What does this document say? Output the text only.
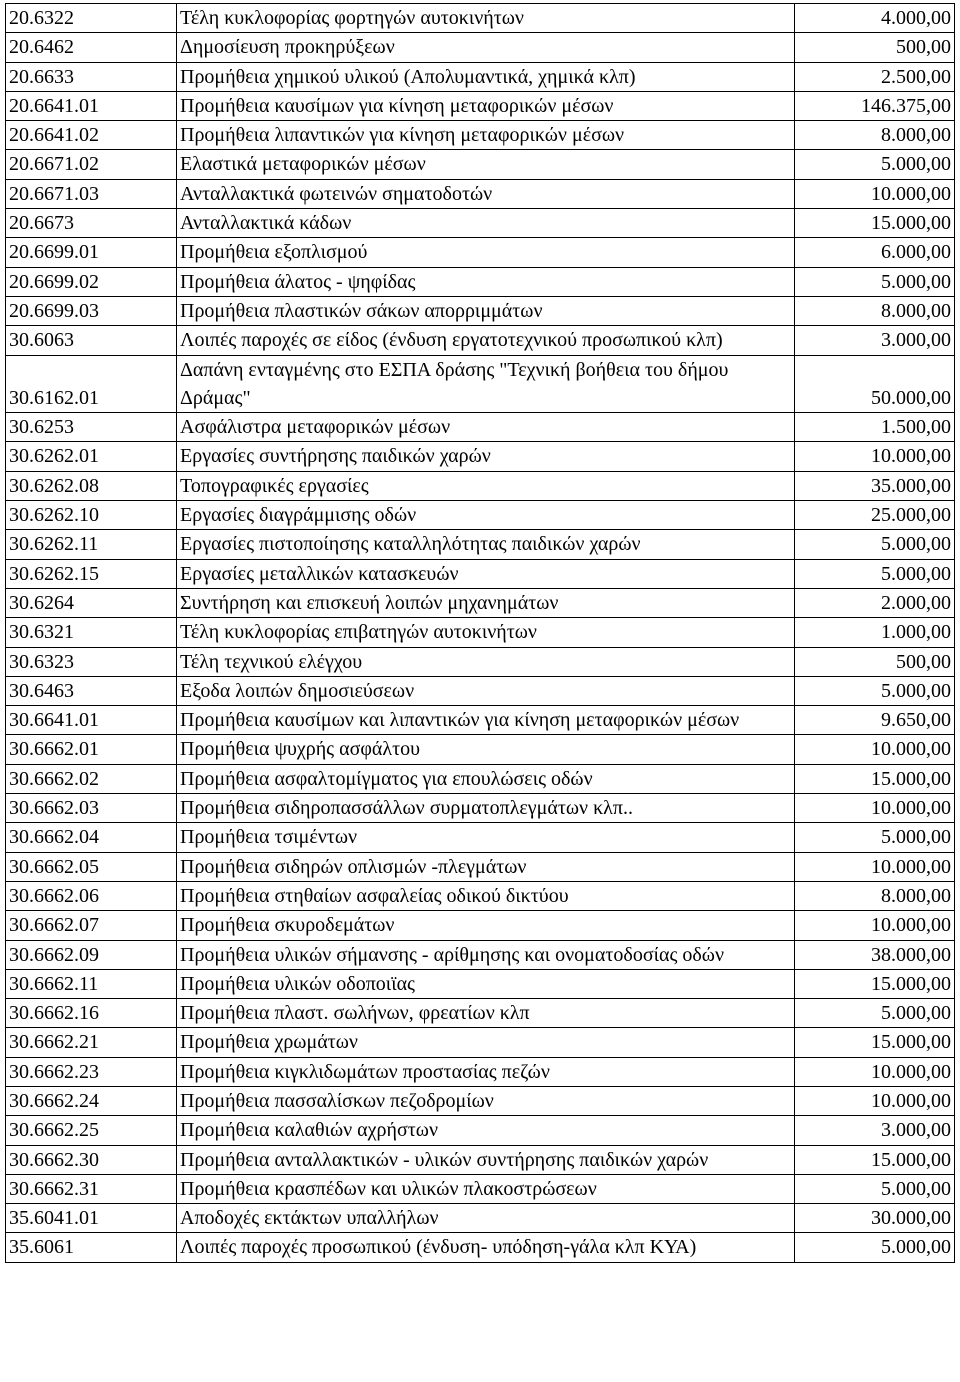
20.6322	Τέλη κυκλοφορίας φορτηγών αυτοκινήτων	4.000,00
20.6462	Δημοσίευση προκηρύξεων	500,00
20.6633	Προμήθεια χημικού υλικού (Απολυμαντικά, χημικά κλπ)	2.500,00
20.6641.01	Προμήθεια καυσίμων για κίνηση μεταφορικών μέσων	146.375,00
20.6641.02	Προμήθεια λιπαντικών για κίνηση μεταφορικών μέσων	8.000,00
20.6671.02	Ελαστικά μεταφορικών μέσων	5.000,00
20.6671.03	Ανταλλακτικά φωτεινών σηματοδοτών	10.000,00
20.6673	Ανταλλακτικά κάδων	15.000,00
20.6699.01	Προμήθεια εξοπλισμού	6.000,00
20.6699.02	Προμήθεια άλατος - ψηφίδας	5.000,00
20.6699.03	Προμήθεια πλαστικών σάκων απορριμμάτων	8.000,00
30.6063	Λοιπές παροχές σε είδος (ένδυση εργατοτεχνικού προσωπικού κλπ)	3.000,00
30.6162.01	Δαπάνη ενταγμένης στο ΕΣΠΑ δράσης "Τεχνική βοήθεια του δήμου Δράμας"	50.000,00
30.6253	Ασφάλιστρα μεταφορικών μέσων	1.500,00
30.6262.01	Εργασίες συντήρησης παιδικών χαρών	10.000,00
30.6262.08	Τοπογραφικές εργασίες	35.000,00
30.6262.10	Εργασίες διαγράμμισης οδών	25.000,00
30.6262.11	Εργασίες πιστοποίησης καταλληλότητας παιδικών χαρών	5.000,00
30.6262.15	Εργασίες μεταλλικών κατασκευών	5.000,00
30.6264	Συντήρηση και επισκευή λοιπών μηχανημάτων	2.000,00
30.6321	Τέλη κυκλοφορίας επιβατηγών αυτοκινήτων	1.000,00
30.6323	Τέλη τεχνικού ελέγχου	500,00
30.6463	Εξοδα λοιπών δημοσιεύσεων	5.000,00
30.6641.01	Προμήθεια καυσίμων και λιπαντικών για κίνηση μεταφορικών μέσων	9.650,00
30.6662.01	Προμήθεια ψυχρής ασφάλτου	10.000,00
30.6662.02	Προμήθεια ασφαλτομίγματος για επουλώσεις οδών	15.000,00
30.6662.03	Προμήθεια σιδηροπασσάλλων συρματοπλεγμάτων κλπ..	10.000,00
30.6662.04	Προμήθεια τσιμέντων	5.000,00
30.6662.05	Προμήθεια σιδηρών οπλισμών -πλεγμάτων	10.000,00
30.6662.06	Προμήθεια στηθαίων ασφαλείας οδικού δικτύου	8.000,00
30.6662.07	Προμήθεια σκυροδεμάτων	10.000,00
30.6662.09	Προμήθεια υλικών σήμανσης - αρίθμησης και ονοματοδοσίας οδών	38.000,00
30.6662.11	Προμήθεια υλικών οδοποιϊας	15.000,00
30.6662.16	Προμήθεια πλαστ. σωλήνων, φρεατίων κλπ	5.000,00
30.6662.21	Προμήθεια χρωμάτων	15.000,00
30.6662.23	Προμήθεια κιγκλιδωμάτων προστασίας πεζών	10.000,00
30.6662.24	Προμήθεια πασσαλίσκων πεζοδρομίων	10.000,00
30.6662.25	Προμήθεια καλαθιών αχρήστων	3.000,00
30.6662.30	Προμήθεια ανταλλακτικών - υλικών συντήρησης παιδικών χαρών	15.000,00
30.6662.31	Προμήθεια κρασπέδων και υλικών πλακοστρώσεων	5.000,00
35.6041.01	Αποδοχές εκτάκτων υπαλλήλων	30.000,00
35.6061	Λοιπές παροχές προσωπικού (ένδυση- υπόδηση-γάλα κλπ ΚΥΑ)	5.000,00
